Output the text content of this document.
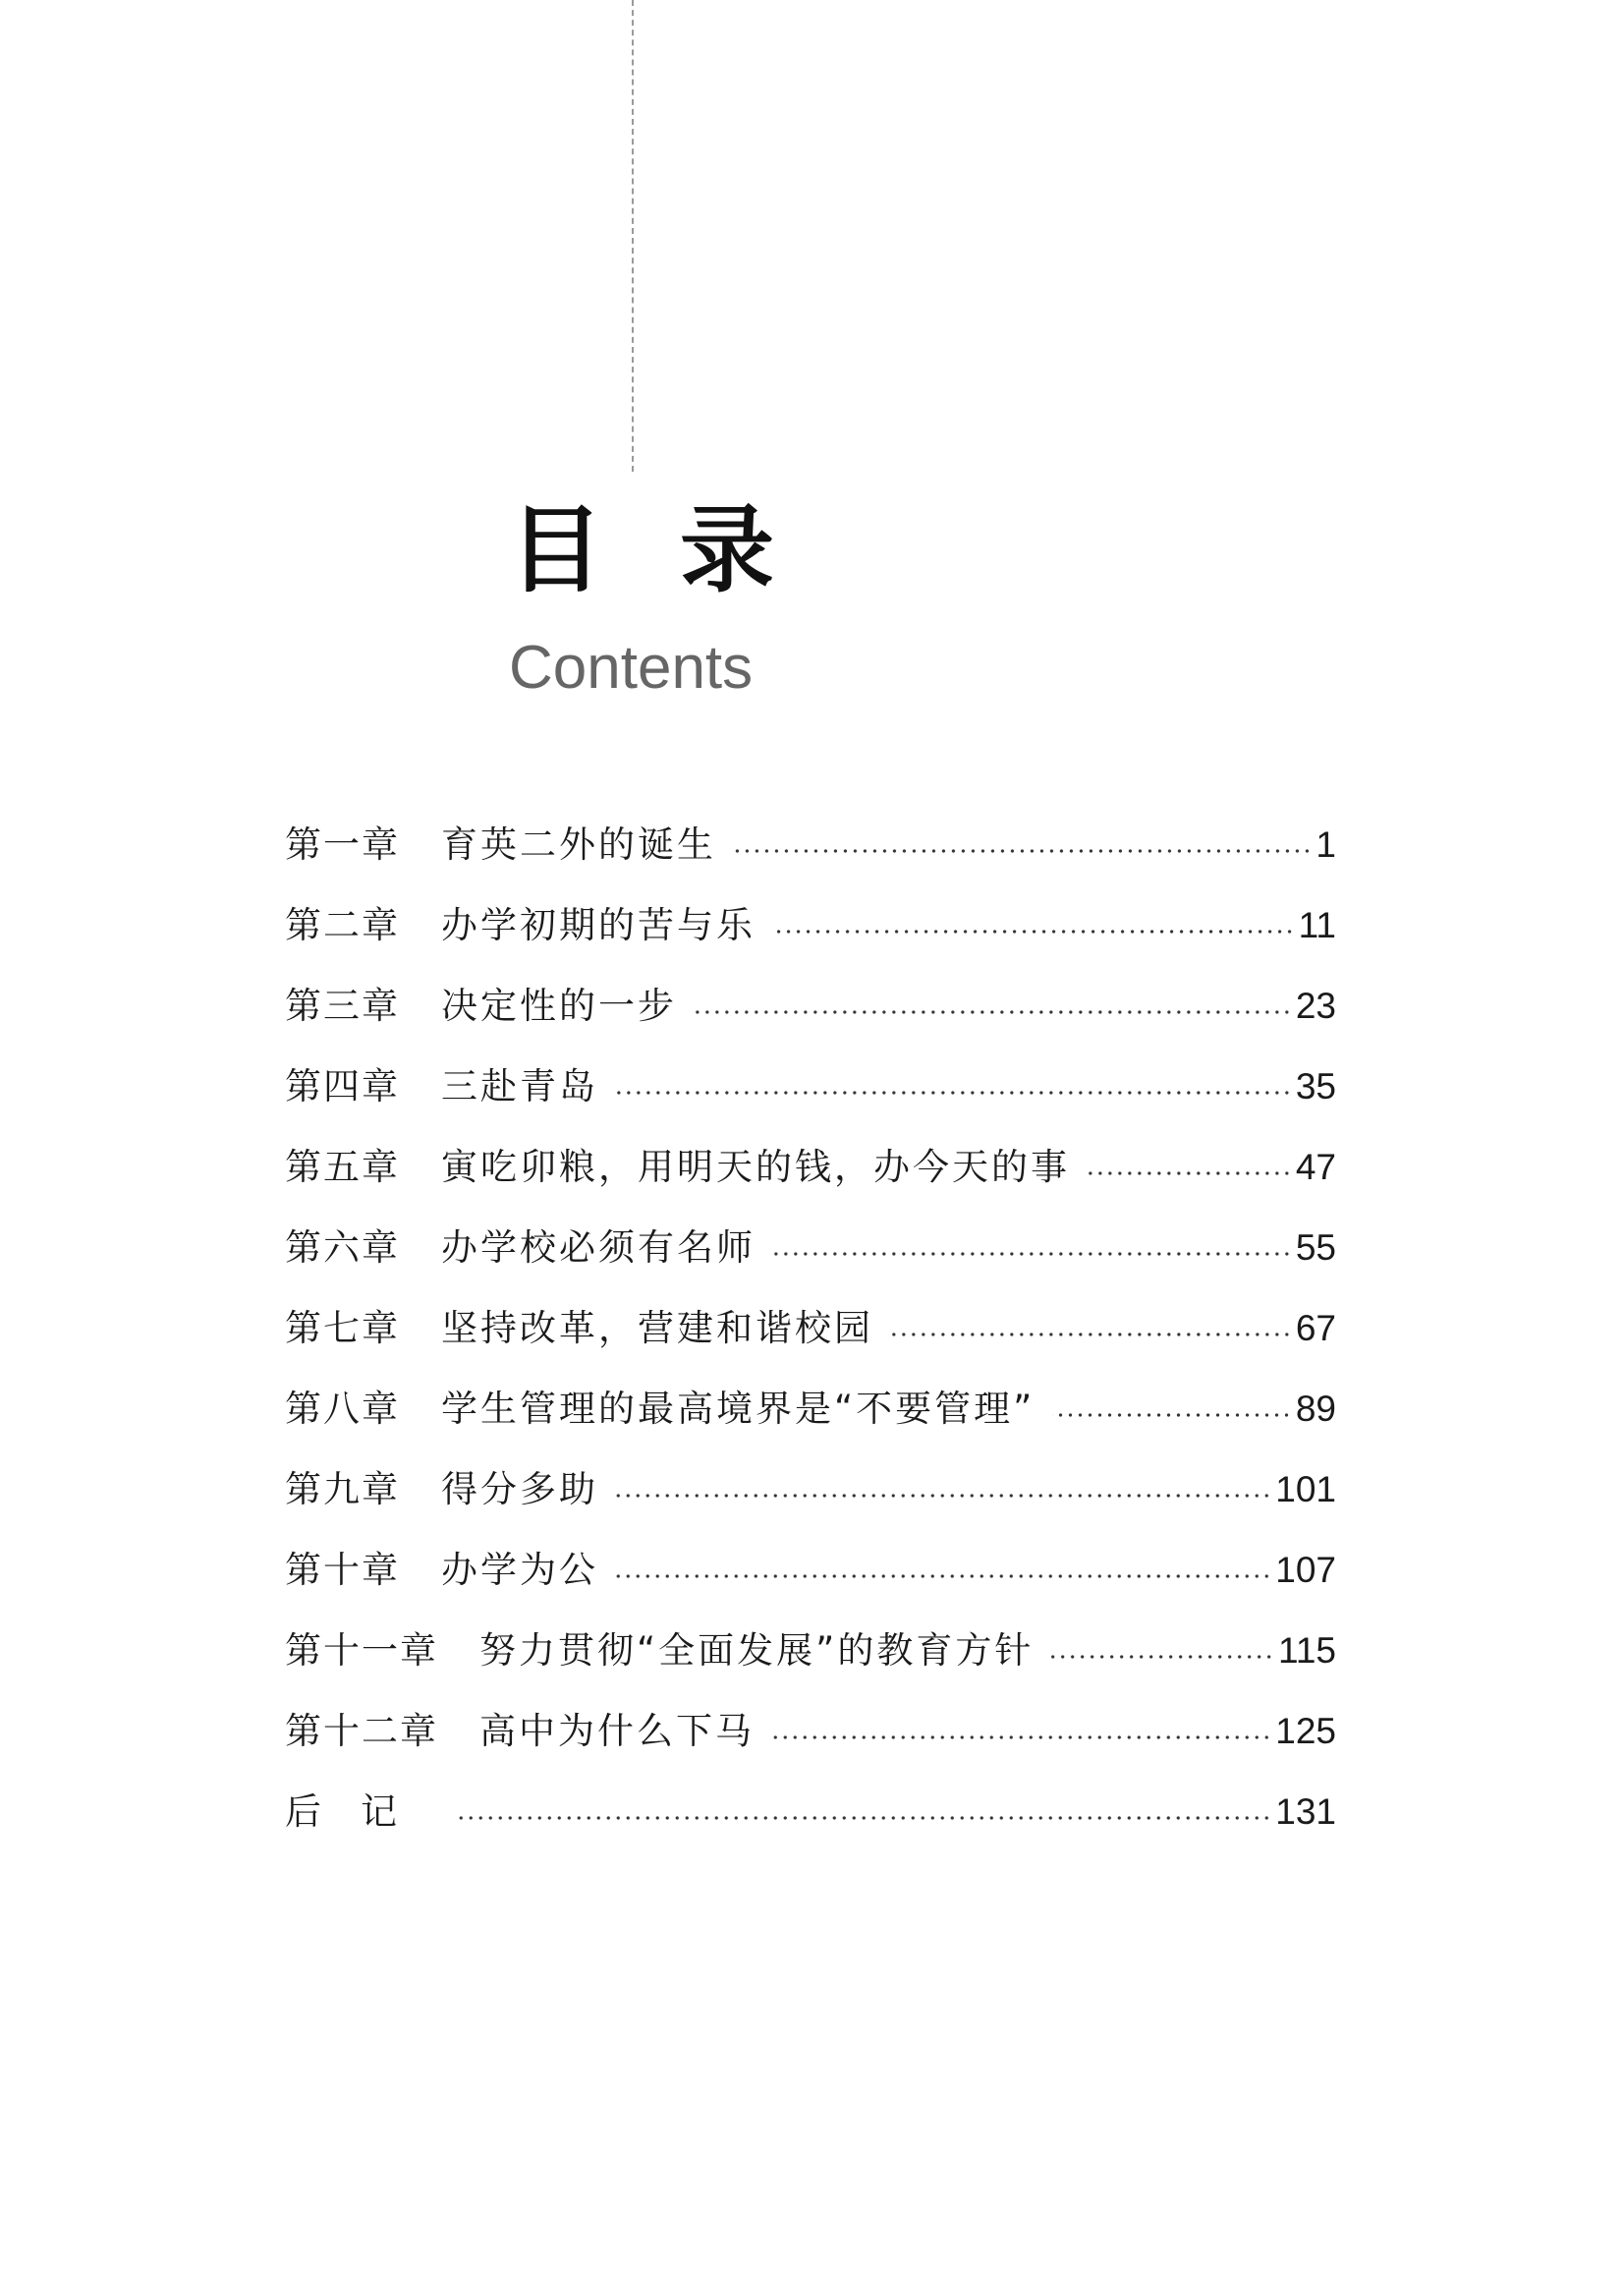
目录
Contents
第一章 育英二外的诞生	1
第二章 办学初期的苦与乐	11
第三章 决定性的一步	23
第四章 三赴青岛	35
第五章 寅吃卯粮，用明天的钱，办今天的事	47
第六章 办学校必须有名师	55
第七章 坚持改革，营建和谐校园	67
第八章 学生管理的最高境界是“不要管理”	89
第九章 得分多助	101
第十章 办学为公	107
第十一章 努力贯彻“全面发展”的教育方针	115
第十二章 高中为什么下马	125
后记	131
